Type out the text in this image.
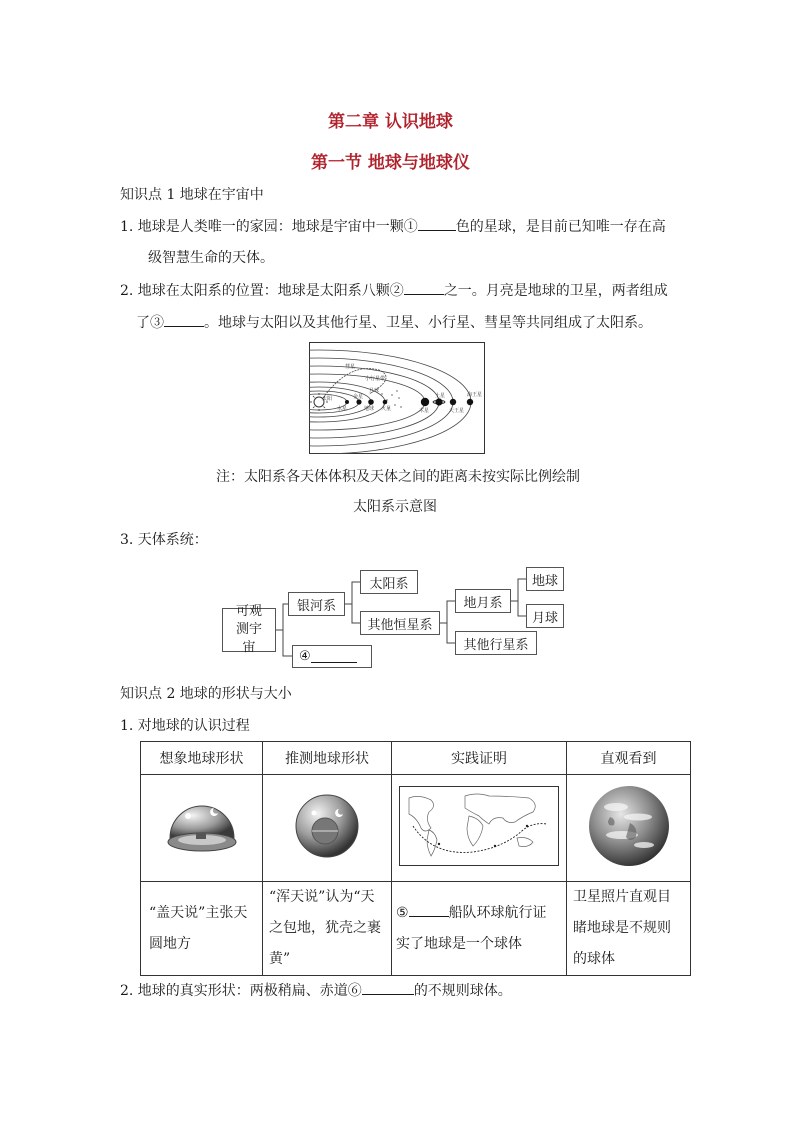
第二章 认识地球
第一节 地球与地球仪
知识点 1 地球在宇宙中
1. 地球是人类唯一的家园：地球是宇宙中一颗①	色的星球，是目前已知唯一存在高
级智慧生命的天体。
2. 地球在太阳系的位置：地球是太阳系八颗②	之一。月亮是地球的卫星，两者组成
了③	。地球与太阳以及其他行星、卫星、小行星、彗星等共同组成了太阳系。
太阳
彗星
小行星带
水星
金星
地球
月球
火星	木星
土星
天王星
海王星
注：太阳系各天体体积及天体之间的距离未按实际比例绘制
太阳系示意图
3. 天体系统：
可观测宇宙
银河系
太阳系
其他恒星系
地月系
其他行星系
地球
月球
④
知识点 2 地球的形状与大小
1. 对地球的认识过程
想象地球形状	推测地球形状	实践证明	直观看到

“盖天说”主张天圆地方	“浑天说”认为“天之包地，犹壳之裹黄”	⑤ 船队环球航行证实了地球是一个球体	卫星照片直观目睹地球是不规则的球体
2. 地球的真实形状：两极稍扁、赤道⑥	的不规则球体。
